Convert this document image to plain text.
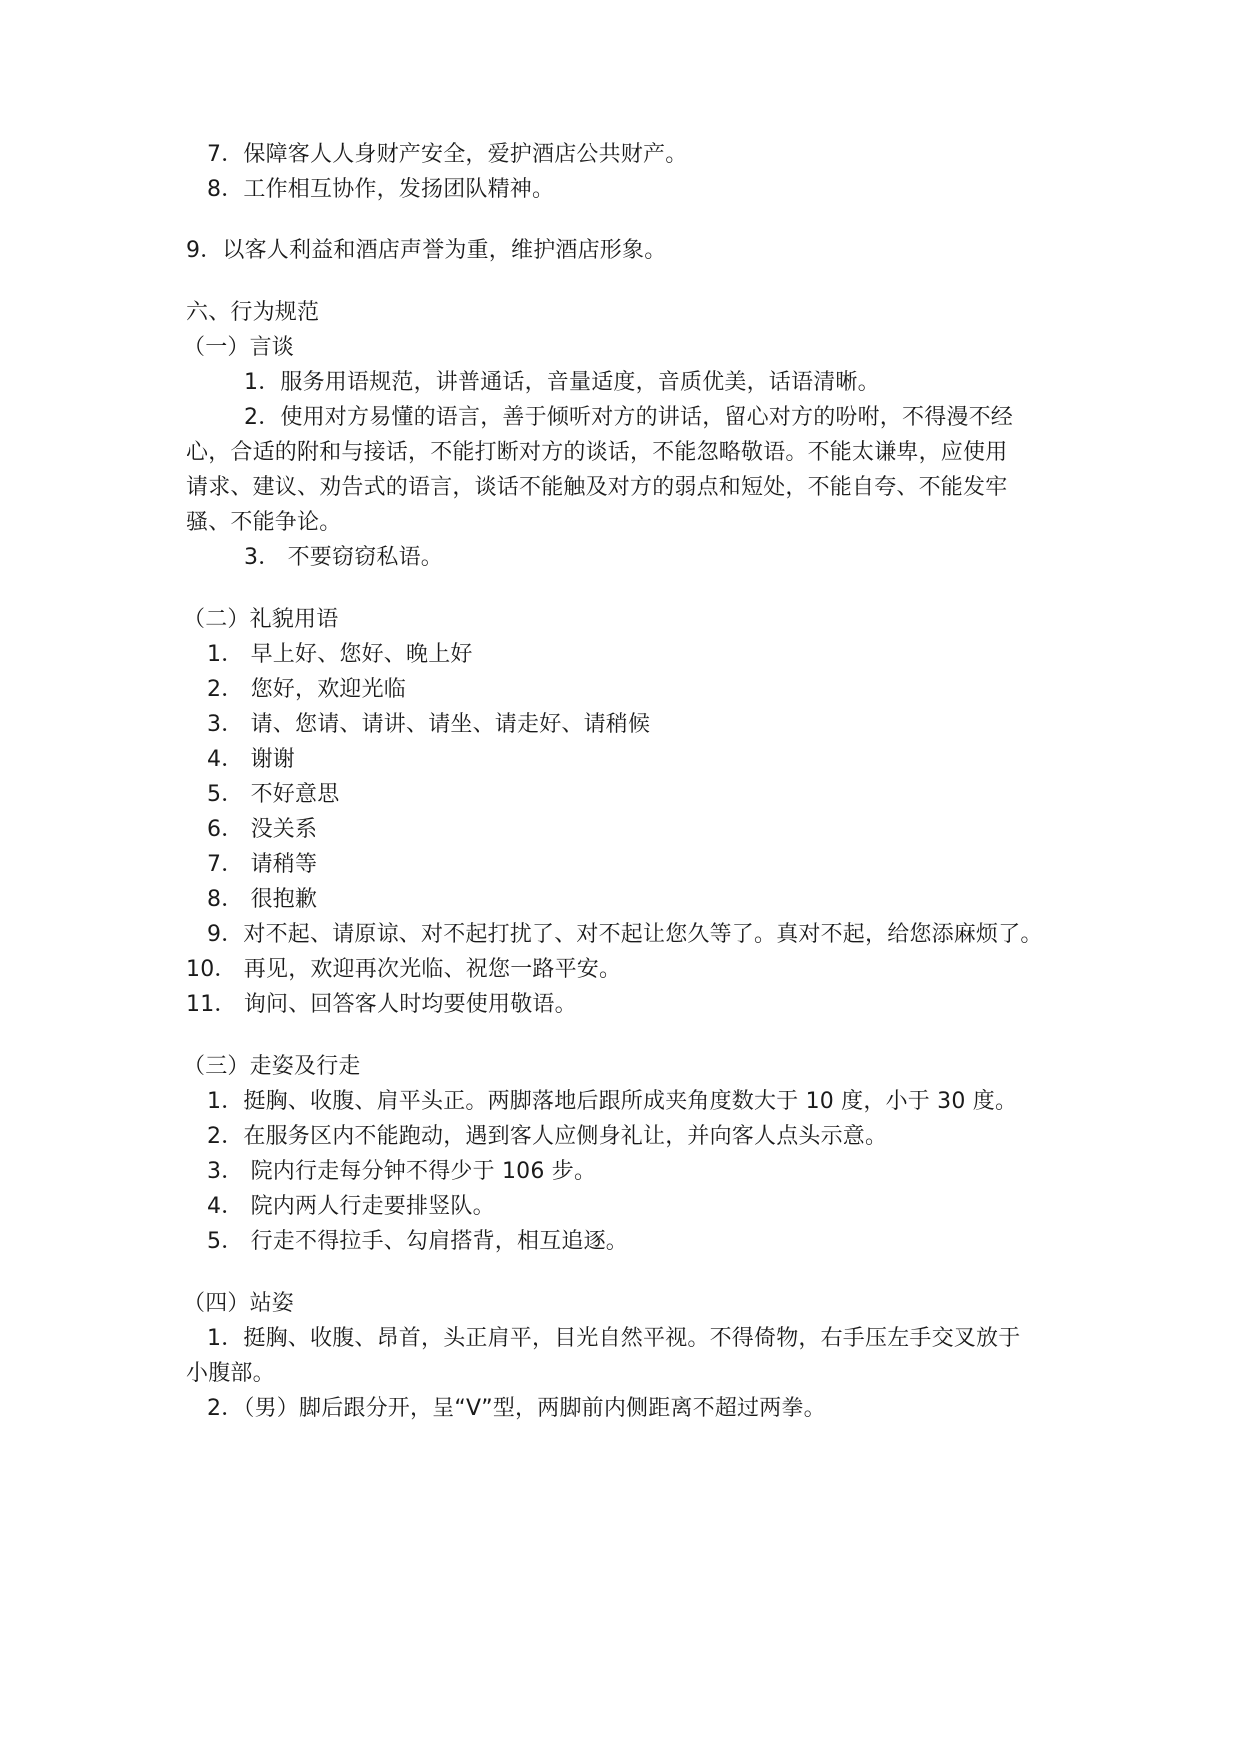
7．保障客人人身财产安全，爱护酒店公共财产。
8．工作相互协作，发扬团队精神。
9．以客人利益和酒店声誉为重，维护酒店形象。
六、行为规范
（一）言谈
1．服务用语规范，讲普通话，音量适度，音质优美，话语清晰。
2．使用对方易懂的语言，善于倾听对方的讲话，留心对方的吩咐，不得漫不经
心，合适的附和与接话，不能打断对方的谈话，不能忽略敬语。不能太谦卑，应使用
请求、建议、劝告式的语言，谈话不能触及对方的弱点和短处，不能自夸、不能发牢
骚、不能争论。
3． 不要窃窃私语。
（二）礼貌用语
1． 早上好、您好、晚上好
2． 您好，欢迎光临
3． 请、您请、请讲、请坐、请走好、请稍候
4． 谢谢
5． 不好意思
6． 没关系
7． 请稍等
8． 很抱歉
9．对不起、请原谅、对不起打扰了、对不起让您久等了。真对不起，给您添麻烦了。
10． 再见，欢迎再次光临、祝您一路平安。
11． 询问、回答客人时均要使用敬语。
（三）走姿及行走
1．挺胸、收腹、肩平头正。两脚落地后跟所成夹角度数大于 10 度，小于 30 度。
2．在服务区内不能跑动，遇到客人应侧身礼让，并向客人点头示意。
3． 院内行走每分钟不得少于 106 步。
4． 院内两人行走要排竖队。
5． 行走不得拉手、勾肩搭背，相互追逐。
（四）站姿
1．挺胸、收腹、昂首，头正肩平，目光自然平视。不得倚物，右手压左手交叉放于
小腹部。
2．（男）脚后跟分开，呈“V”型，两脚前内侧距离不超过两拳。
